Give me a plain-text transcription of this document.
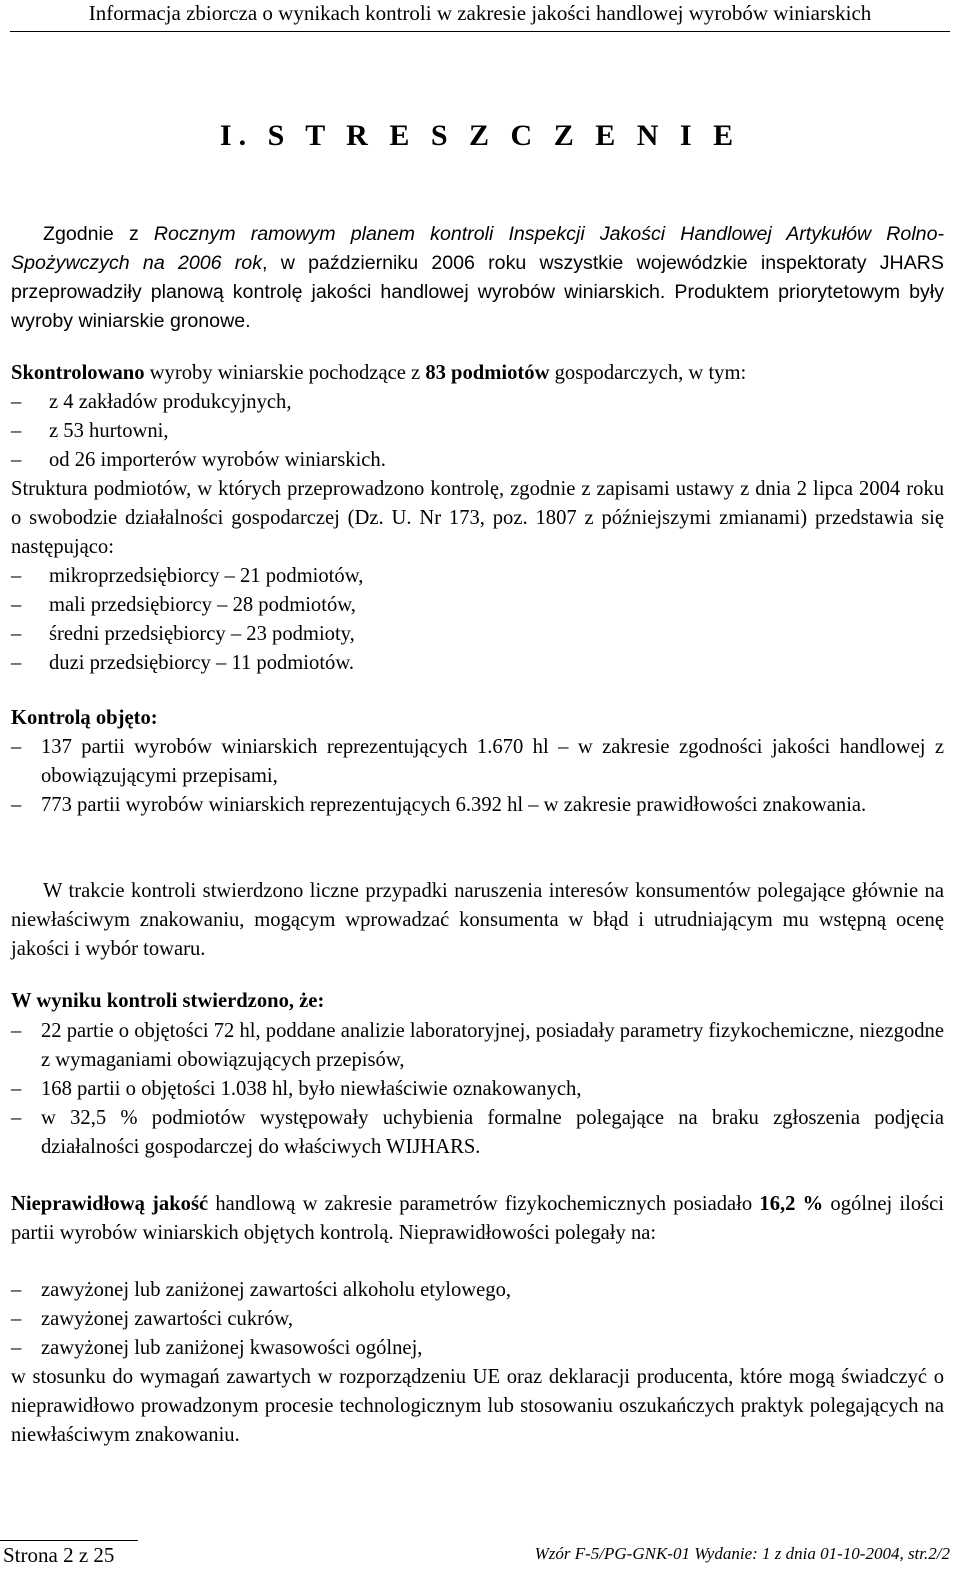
Informacja zbiorcza o wynikach kontroli w zakresie jakości handlowej wyrobów winiarskich
I. S T R E S Z C Z E N I E
Zgodnie z Rocznym ramowym planem kontroli Inspekcji Jakości Handlowej Artykułów Rolno-Spożywczych na 2006 rok, w październiku 2006 roku wszystkie wojewódzkie inspektoraty JHARS przeprowadziły planową kontrolę jakości handlowej wyrobów winiarskich. Produktem priorytetowym były wyroby winiarskie gronowe.
Skontrolowano wyroby winiarskie pochodzące z 83 podmiotów gospodarczych, w tym:
–	z 4 zakładów produkcyjnych,
–	z 53 hurtowni,
–	od 26 importerów wyrobów winiarskich.
Struktura podmiotów, w których przeprowadzono kontrolę, zgodnie z zapisami ustawy z dnia 2 lipca 2004 roku o swobodzie działalności gospodarczej (Dz. U. Nr 173, poz. 1807 z późniejszymi zmianami) przedstawia się następująco:
–	mikroprzedsiębiorcy – 21 podmiotów,
–	mali przedsiębiorcy – 28 podmiotów,
–	średni przedsiębiorcy – 23 podmioty,
–	duzi przedsiębiorcy – 11 podmiotów.
Kontrolą objęto:
– 137 partii wyrobów winiarskich reprezentujących 1.670 hl – w zakresie zgodności jakości handlowej z obowiązującymi przepisami,
– 773 partii wyrobów winiarskich reprezentujących 6.392 hl – w zakresie prawidłowości znakowania.
W trakcie kontroli stwierdzono liczne przypadki naruszenia interesów konsumentów polegające głównie na niewłaściwym znakowaniu, mogącym wprowadzać konsumenta w błąd i utrudniającym mu wstępną ocenę jakości i wybór towaru.
W wyniku kontroli stwierdzono, że:
– 22 partie o objętości 72 hl, poddane analizie laboratoryjnej, posiadały parametry fizykochemiczne, niezgodne z wymaganiami obowiązujących przepisów,
– 168 partii o objętości 1.038 hl, było niewłaściwie oznakowanych,
– w 32,5 % podmiotów występowały uchybienia formalne polegające na braku zgłoszenia podjęcia działalności gospodarczej do właściwych WIJHARS.
Nieprawidłową jakość handlową w zakresie parametrów fizykochemicznych posiadało 16,2 % ogólnej ilości partii wyrobów winiarskich objętych kontrolą. Nieprawidłowości polegały na:
– zawyżonej lub zaniżonej zawartości alkoholu etylowego,
– zawyżonej zawartości cukrów,
– zawyżonej lub zaniżonej kwasowości ogólnej,
w stosunku do wymagań zawartych w rozporządzeniu UE oraz deklaracji producenta, które mogą świadczyć o nieprawidłowo prowadzonym procesie technologicznym lub stosowaniu oszukańczych praktyk polegających na niewłaściwym znakowaniu.
Strona 2 z 25	Wzór F-5/PG-GNK-01 Wydanie: 1 z dnia 01-10-2004, str.2/2
